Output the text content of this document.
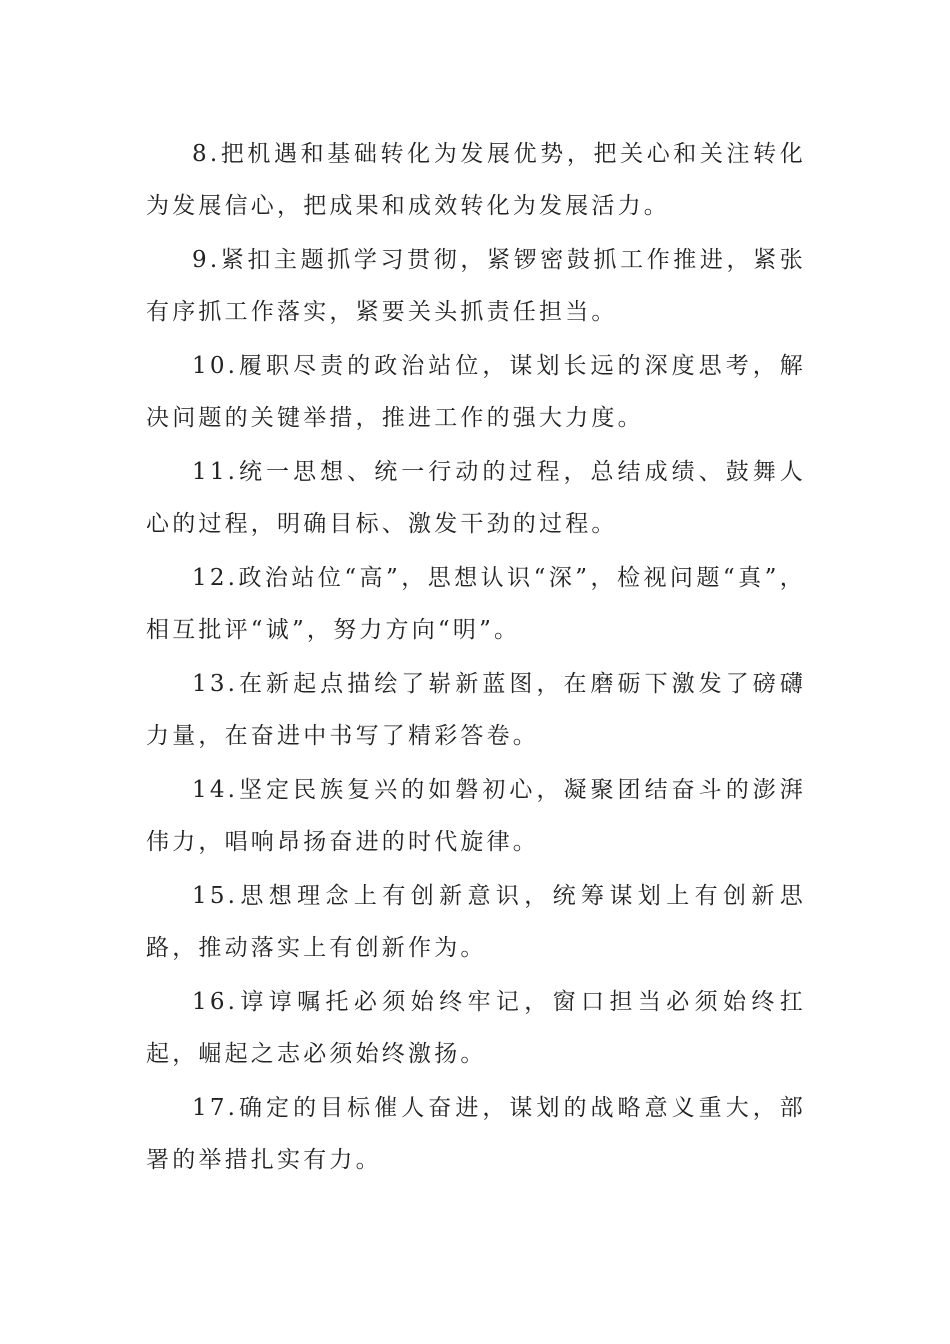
8.把机遇和基础转化为发展优势，把关心和关注转化为发展信心，把成果和成效转化为发展活力。

9.紧扣主题抓学习贯彻，紧锣密鼓抓工作推进，紧张有序抓工作落实，紧要关头抓责任担当。

10.履职尽责的政治站位，谋划长远的深度思考，解决问题的关键举措，推进工作的强大力度。

11.统一思想、统一行动的过程，总结成绩、鼓舞人心的过程，明确目标、激发干劲的过程。

12.政治站位“高”，思想认识“深”，检视问题“真”，相互批评“诚”，努力方向“明”。

13.在新起点描绘了崭新蓝图，在磨砺下激发了磅礴力量，在奋进中书写了精彩答卷。

14.坚定民族复兴的如磐初心，凝聚团结奋斗的澎湃伟力，唱响昂扬奋进的时代旋律。

15.思想理念上有创新意识，统筹谋划上有创新思路，推动落实上有创新作为。

16.谆谆嘱托必须始终牢记，窗口担当必须始终扛起，崛起之志必须始终激扬。

17.确定的目标催人奋进，谋划的战略意义重大，部署的举措扎实有力。
